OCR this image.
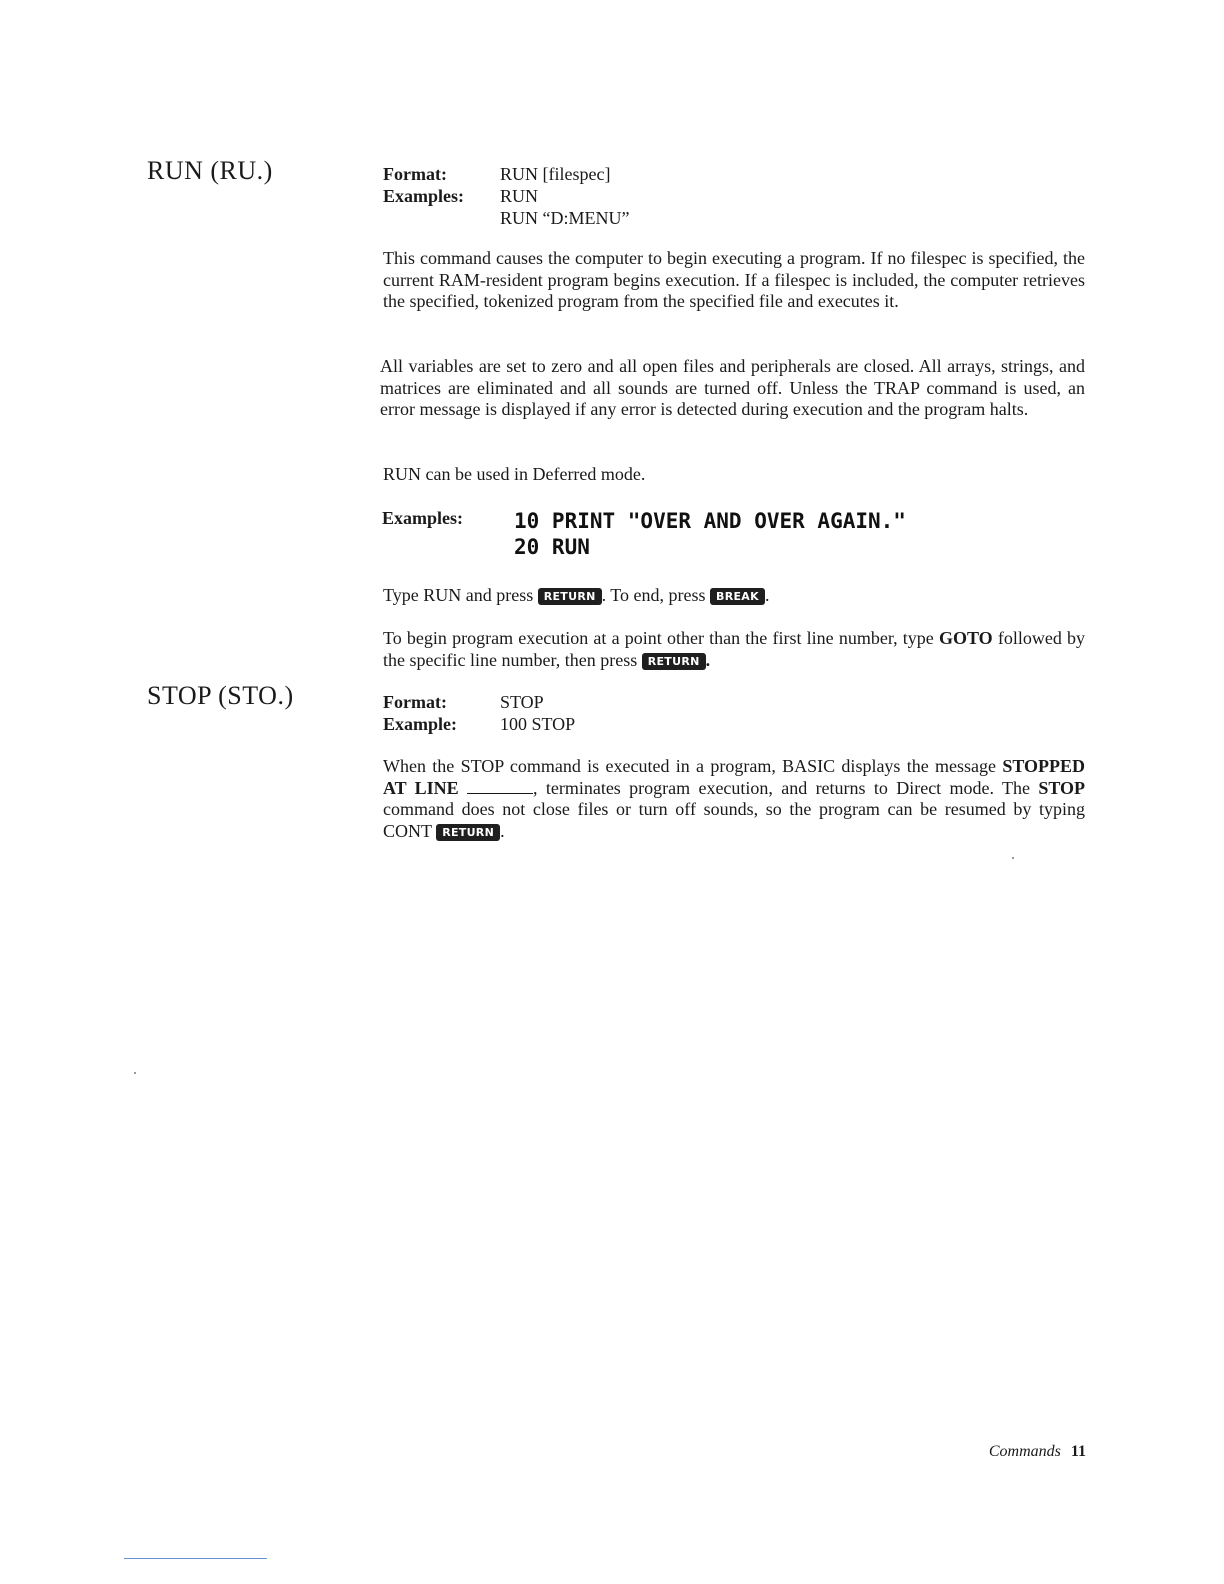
RUN (RU.)	Format:	RUN [filespec]
Examples:	RUN
RUN “D:MENU”

This command causes the computer to begin executing a program. If no filespec is specified, the current RAM-resident program begins execution. If a filespec is included, the computer retrieves the specified, tokenized program from the specified file and executes it.

All variables are set to zero and all open files and peripherals are closed. All arrays, strings, and matrices are eliminated and all sounds are turned off. Unless the TRAP command is used, an error message is displayed if any error is detected during execution and the program halts.

RUN can be used in Deferred mode.

Examples: 10 PRINT "OVER AND OVER AGAIN."
20 RUN

Type RUN and press RETURN . To end, press BREAK .

To begin program execution at a point other than the first line number, type GOTO followed by the specific line number, then press RETURN .

STOP (STO.)	Format:	STOP
Example:	100 STOP

When the STOP command is executed in a program, BASIC displays the message STOPPED AT LINE	, terminates program execution, and returns to Direct mode. The STOP command does not close files or turn off sounds, so the program can be resumed by typing CONT RETURN .

Commands 11
